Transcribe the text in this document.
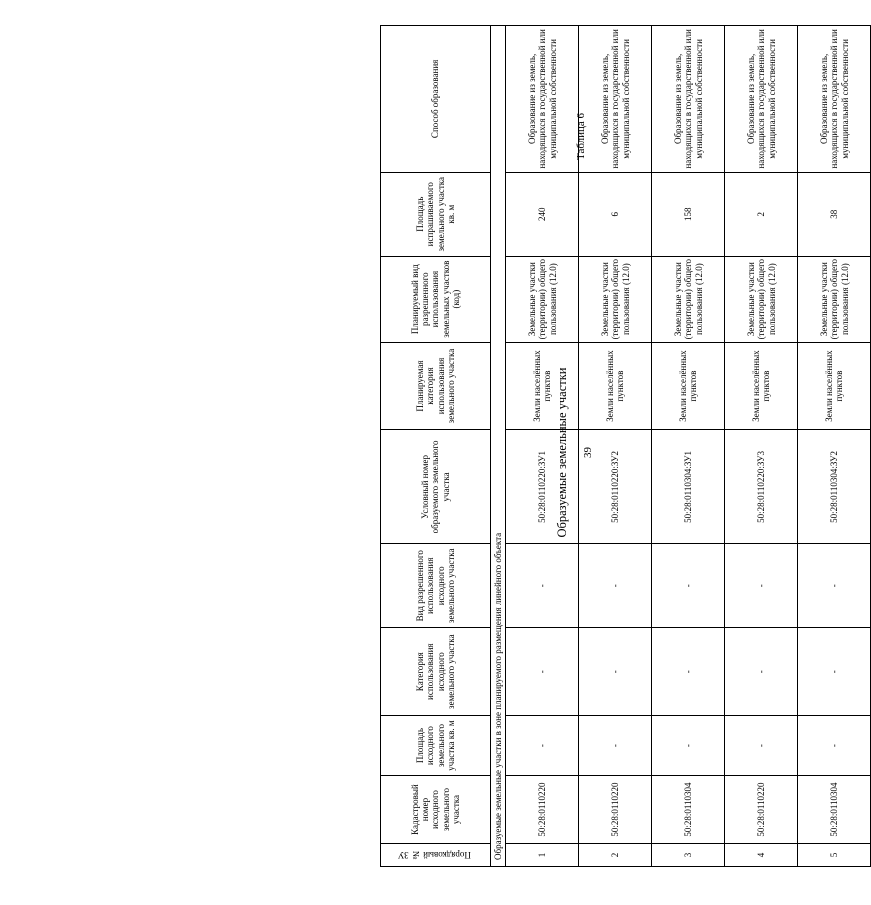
39
Таблица 6
Образуемые земельные участки
Порядковый № ЗУ	Кадастровый номер исходного земельного участка	Площадь исходного земельного участка кв. м	Категория использования исходного земельного участка	Вид разрешенного использования исходного земельного участка	Условный номер образуемого земельного участка	Планируемая категория использования земельного участка	Планируемый вид разрешенного использования земельных участков (код)	Площадь испрашиваемого земельного участка кв. м	Способ образования
Образуемые земельные участки в зоне планируемого размещения линейного объекта									
1	50:28:0110220	-	-	-	50:28:0110220:ЗУ1	Земли населённых пунктов	Земельные участки (территории) общего пользования (12.0)	240	Образование из земель, находящихся в государственной или муниципальной собственности
2	50:28:0110220	-	-	-	50:28:0110220:ЗУ2	Земли населённых пунктов	Земельные участки (территории) общего пользования (12.0)	6	Образование из земель, находящихся в государственной или муниципальной собственности
3	50:28:0110304	-	-	-	50:28:0110304:ЗУ1	Земли населённых пунктов	Земельные участки (территории) общего пользования (12.0)	158	Образование из земель, находящихся в государственной или муниципальной собственности
4	50:28:0110220	-	-	-	50:28:0110220:ЗУ3	Земли населённых пунктов	Земельные участки (территории) общего пользования (12.0)	2	Образование из земель, находящихся в государственной или муниципальной собственности
5	50:28:0110304	-	-	-	50:28:0110304:ЗУ2	Земли населённых пунктов	Земельные участки (территории) общего пользования (12.0)	38	Образование из земель, находящихся в государственной или муниципальной собственности
